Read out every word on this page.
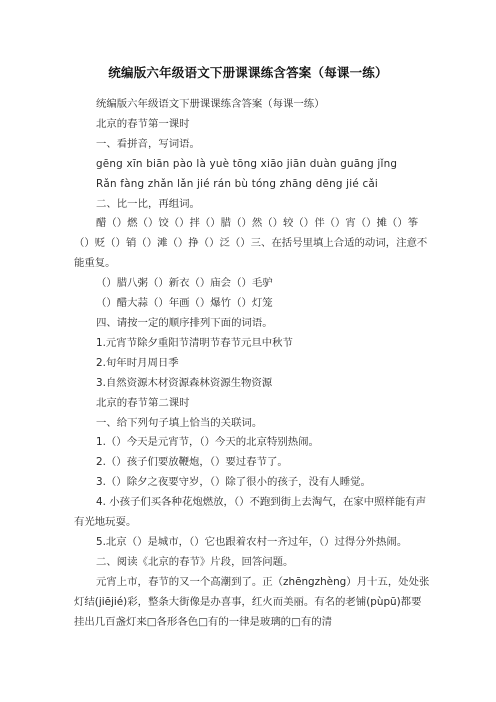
统编版六年级语文下册课课练含答案（每课一练）

统编版六年级语文下册课课练含答案（每课一练）

北京的春节第一课时

一、看拼音，写词语。

gēng xīn biān pào là yuè tōng xiāo jiān duàn guāng jǐng

Rǎn fàng zhǎn lǎn jié rán bù tóng zhāng dēng jié cǎi

二、比一比，再组词。

醋（）燃（）饺（）拌（）腊（）然（）较（）伴（）宵（）摊（）筝（）贬（）销（）滩（）挣（）泛（）三、在括号里填上合适的动词，注意不能重复。

（）腊八粥（）新衣（）庙会（）毛驴

（）醋大蒜（）年画（）爆竹（）灯笼

四、请按一定的顺序排列下面的词语。

1.元宵节除夕重阳节清明节春节元旦中秋节

2.旬年时月周日季

3.自然资源木材资源森林资源生物资源

北京的春节第二课时

一、给下列句子填上恰当的关联词。

1.（）今天是元宵节，（）今天的北京特别热闹。

2.（）孩子们要放鞭炮，（）要过春节了。

3.（）除夕之夜要守岁，（）除了很小的孩子，没有人睡觉。

4. 小孩子们买各种花炮燃放，（）不跑到街上去淘气，在家中照样能有声有光地玩耍。

5.北京（）是城市，（）它也跟着农村一齐过年，（）过得分外热闹。

二、阅读《北京的春节》片段，回答问题。

元宵上市，春节的又一个高潮到了。正（zhēngzhèng）月十五，处处张灯结(jiējié)彩，整条大街像是办喜事，红火而美丽。有名的老铺(pùpū)都要挂出几百盏灯来□各形各色□有的一律是玻璃的□有的清
